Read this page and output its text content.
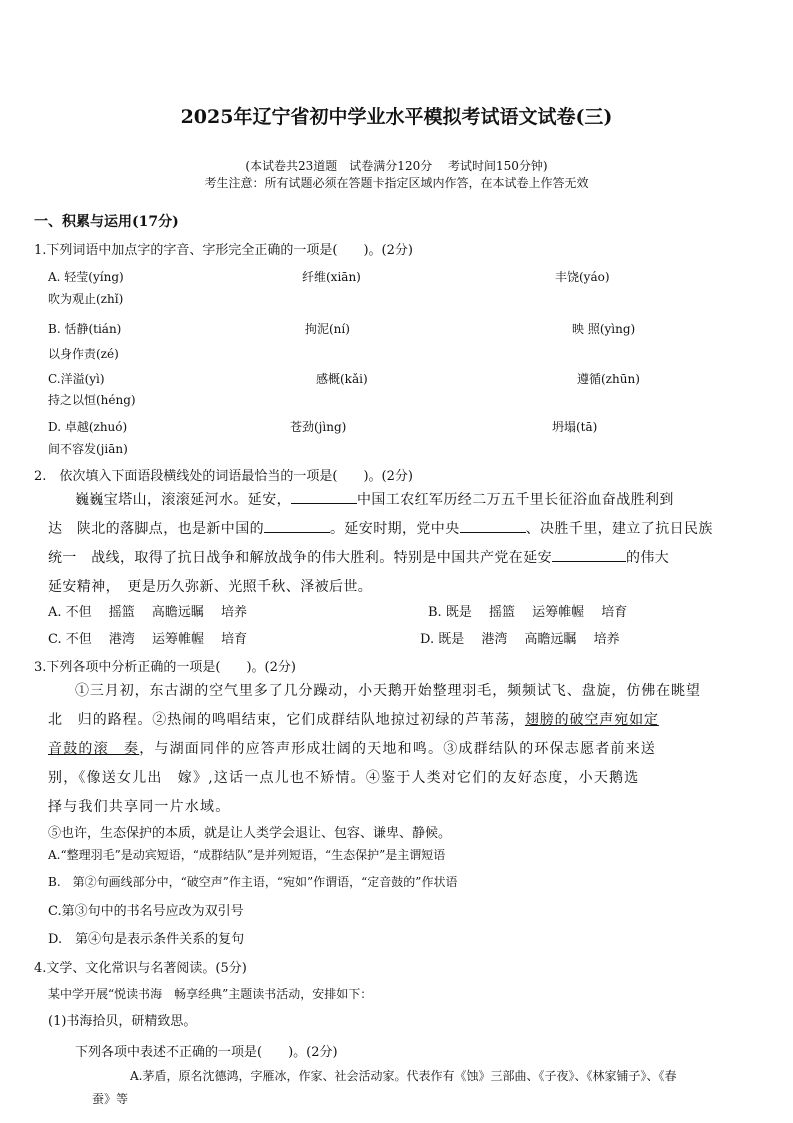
2025年辽宁省初中学业水平模拟考试语文试卷(三)
(本试卷共23道题　试卷满分120分　 考试时间150分钟)
考生注意：所有试题必须在答题卡指定区域内作答，在本试卷上作答无效
一、积累与运用(17分)
1.下列词语中加点字的字音、字形完全正确的一项是(　　)。(2分)
A. 轻莹(yíng)	纤维(xiān)	丰饶(yáo)
吹为观止(zhǐ)
B. 恬静(tián)	拘泥(ní)	映 照(yìng)
以身作责(zé)
C.洋溢(yì)	感概(kǎi)	遵循(zhūn)
持之以恒(héng)
D. 卓越(zhuó)	苍劲(jìng)	坍塌(tā)
间不容发(jiān)
2.　依次填入下面语段横线处的词语最恰当的一项是(　　)。(2分)
巍巍宝塔山，滚滚延河水。延安，	中国工农红军历经二万五千里长征浴血奋战胜利到
达　陕北的落脚点，也是新中国的	。延安时期，党中央	、决胜千里，建立了抗日民族
统一　战线，取得了抗日战争和解放战争的伟大胜利。特别是中国共产党在延安	的伟大
延安精神，　更是历久弥新、光照千秋、泽被后世。
A. 不但　 摇篮　 高瞻远瞩　 培养	B. 既是　 摇篮　 运筹帷幄　 培育
C. 不但　 港湾　 运筹帷幄　 培育	D. 既是　 港湾　 高瞻远瞩　 培养
3.下列各项中分析正确的一项是(　　)。(2分)
①三月初，东古湖的空气里多了几分躁动，小天鹅开始整理羽毛，频频试飞、盘旋，仿佛在眺望
北　归的路程。②热闹的鸣唱结束，它们成群结队地掠过初绿的芦苇荡，翅膀的破空声宛如定
音鼓的滚　奏，与湖面同伴的应答声形成壮阔的天地和鸣。③成群结队的环保志愿者前来送
别，《像送女儿出　嫁》,这话一点儿也不矫情。④鉴于人类对它们的友好态度，小天鹅选
择与我们共享同一片水域。
⑤也许，生态保护的本质，就是让人类学会退让、包容、谦卑、静候。
A.“整理羽毛”是动宾短语，“成群结队”是并列短语，“生态保护”是主谓短语
B.　第②句画线部分中，“破空声”作主语，“宛如”作谓语，“定音鼓的”作状语
C.第③句中的书名号应改为双引号
D.　第④句是表示条件关系的复句
4.文学、文化常识与名著阅读。(5分)
某中学开展“悦读书海　畅享经典”主题读书活动，安排如下：
(1)书海拾贝，研精致思。
下列各项中表述不正确的一项是(　　)。(2分)
A.茅盾，原名沈德鸿，字雁冰，作家、社会活动家。代表作有《蚀》三部曲、《子夜》、《林家铺子》、《春
蚕》等
